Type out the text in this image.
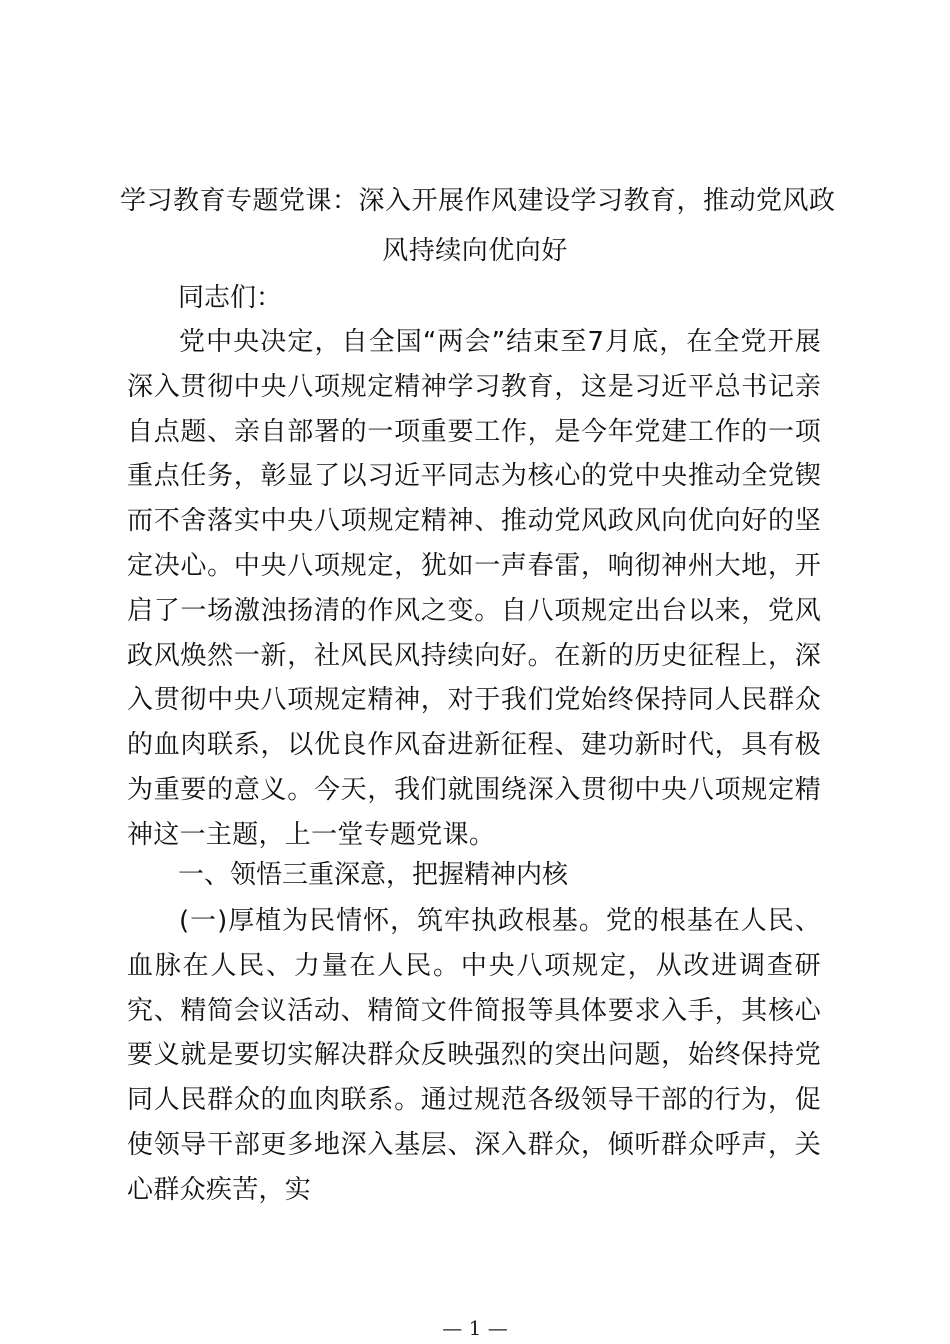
学习教育专题党课：深入开展作风建设学习教育，推动党风政
风持续向优向好
同志们：

党中央决定，自全国“两会”结束至7月底，在全党开展深入贯彻中央八项规定精神学习教育，这是习近平总书记亲自点题、亲自部署的一项重要工作，是今年党建工作的一项重点任务，彰显了以习近平同志为核心的党中央推动全党锲而不舍落实中央八项规定精神、推动党风政风向优向好的坚定决心。中央八项规定，犹如一声春雷，响彻神州大地，开启了一场激浊扬清的作风之变。自八项规定出台以来，党风政风焕然一新，社风民风持续向好。在新的历史征程上，深入贯彻中央八项规定精神，对于我们党始终保持同人民群众的血肉联系，以优良作风奋进新征程、建功新时代，具有极为重要的意义。今天，我们就围绕深入贯彻中央八项规定精神这一主题，上一堂专题党课。

一、领悟三重深意，把握精神内核

(一)厚植为民情怀，筑牢执政根基。党的根基在人民、血脉在人民、力量在人民。中央八项规定，从改进调查研究、精简会议活动、精简文件简报等具体要求入手，其核心要义就是要切实解决群众反映强烈的突出问题，始终保持党同人民群众的血肉联系。通过规范各级领导干部的行为，促使领导干部更多地深入基层、深入群众，倾听群众呼声，关心群众疾苦，实

— 1 —
